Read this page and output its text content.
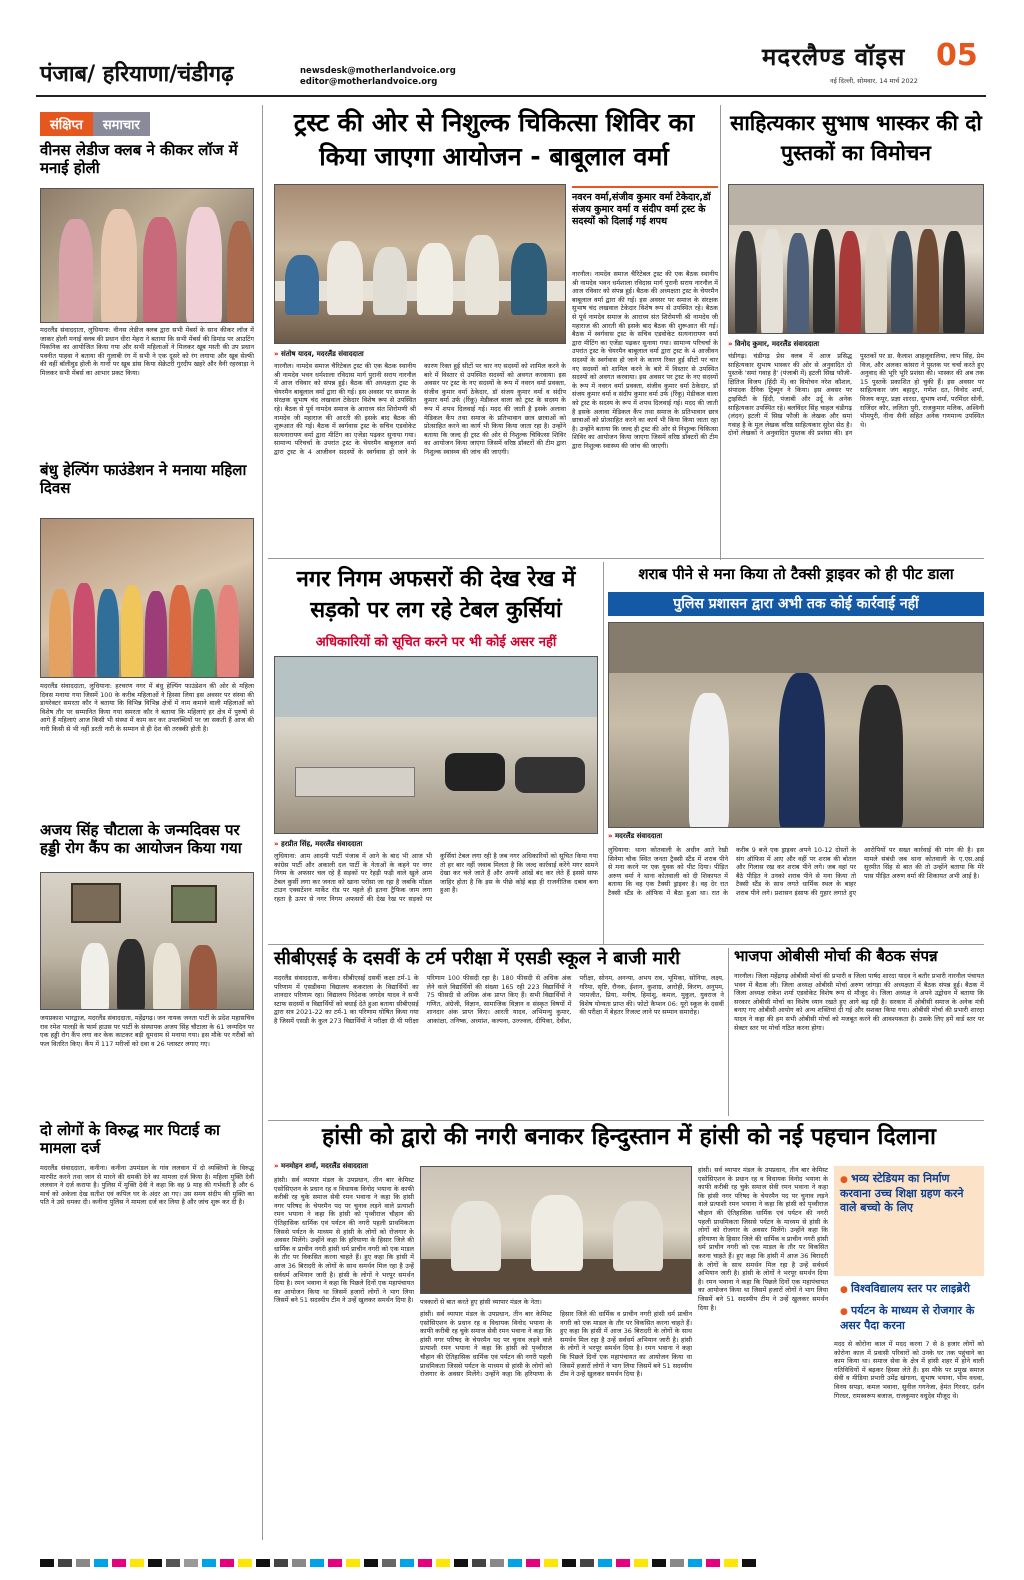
पंजाब/ हरियाणा/चंडीगढ़	newsdesk@motherlandvoice.org
editor@motherlandvoice.org
मदरलैण्ड वॉइस 05
नई दिल्ली, सोमवार, 14 मार्च 2022
संक्षिप्त समाचार
वीनस लेडीज क्लब ने कीकर लॉज में मनाई होली
मदरलैंड संवाददाता, लुधियाना: वीनस लेडीज क्लब द्वारा सभी मेंबर्स के साथ कीकर लॉज में जाकर होली मनाई क्लब की प्रधान धीरा मेहरा ने बताया कि सभी मेंबर्स की डिमांड पर आउटिंग पिकनिक का आयोजित किया गया और सभी महिलाओं ने मिलकर खूब मस्ती की उप प्रधान पवनीत पाहवा ने बताया की गुलाबी रंग में सभी ने एक दूसरे को रंग लगाया और खूब सेल्फी की वहीं बॉलीवुड होली के गानों पर खूब डांस किया सेक्रेटरी गुरदीप खहरे और वैनी रहरवाड़ा ने मिलकर सभी मेंबर्स का आभार प्रकट किया।
बंधु हेल्पिंग फाउंडेशन ने मनाया महिला दिवस
मदरलैंड संवाददाता, लुधियाना: हरचरण नगर में बंधु हेल्पिंग फाउंडेशन की ओर से महिला दिवस मनाया गया जिसमें 100 के करीब महिलाओं ने हिस्सा लिया इस अवसर पर संस्था की डायरेक्टर समरता कौर ने बताया कि विभिन्न विभिन्न क्षेत्रों में नाम कमाने वाली महिलाओं को विशेष तौर पर सम्मानित किया गया समरता कौर ने बताया कि महिलाएं हर क्षेत्र में पुरुषों से आगे हैं महिलाएं आज किसी भी संस्था में काम कर कर उपलब्धियों पर जा सकती हैं आज की नारी किसी से भी नहीं डरती नारी के सम्मान से ही देश की तरक्की होती है।
अजय सिंह चौटाला के जन्मदिवस पर हड्डी रोग कैंप का आयोजन किया गया
जयप्रकाश भारद्वाज, मदरलैंड संवाददाता, महेंद्रगढ़। जन नायक जनता पार्टी के प्रदेश महासचिव राव रमेश पालड़ी के फार्म हाउस पर पार्टी के संस्थापक अजय सिंह चौटाला के 61 जन्मदिन पर एक हड्डी रोग कैंप लगा कर केक काटकर बड़ी धूमधाम से मनाया गया। इस मौके पर गरीबों को फल वितरित किए। कैंप में 117 मरीजों को दवा व 26 प्लास्टर लगाए गए।
दो लोगों के विरुद्ध मार पिटाई का मामला दर्ज
मदरलैंड संवाददाता, कनीना। कनीना उपमंडल के गांव ललवान में दो व्यक्तियों के विरुद्ध मारपीट करने तथा जान से मारने की धमकी देने का मामला दर्ज किया है। महिला मुक्ति देवी ललवान ने दर्ज कराया है। पुलिस में मुक्ति देवी ने कहा कि वह 9 माह की गर्भवती है और 6 मार्च को अकेला देख सतीश एवं कपिल घर के अंदर आ गए। उस समय संदीप की मुक्ति का पति ने उसे धमका दी। कनीना पुलिस ने मामला दर्ज कर लिया है और जांच शुरू कर दी है।
ट्रस्ट की ओर से निशुल्क चिकित्सा शिविर का किया जाएगा आयोजन - बाबूलाल वर्मा
नवरन वर्मा,संजीव कुमार वर्मा टेकेदार,डॉ संजय कुमार वर्मा व संदीप वर्मा ट्रस्ट के सदस्यों को दिलाई गई शपथ
नारनौल। नामदेव समाज चैरिटेबल ट्रस्ट की एक बैठक स्थानीय श्री नामदेव भवन धर्मशाला रविदास मार्ग पुरानी सराय नारनौल में आज रविवार को संपन्न हुई। बैठक की अध्यक्षता ट्रस्ट के चेयरमैन बाबूलाल वर्मा द्वारा की गई। इस अवसर पर समाज के संरक्षक सुभाष चंद लखवाल टेकेदार विशेष रूप से उपस्थित रहे। बैठक से पूर्व नामदेव समाज के आराध्य संत शिरोमणी श्री नामदेव जी महाराज की आरती की इसके बाद बैठक की शुरूआत की गई। बैठक में स्वर्गवास ट्रस्ट के सचिव एडवोकेट सत्यनारायण वर्मा द्वारा मीटिंग का एजेंडा पढ़कर सुनाया गया। सामान्य परिचर्चा के उपरांत ट्रस्ट के चेयरमैन बाबूलाल वर्मा द्वारा ट्रस्ट के 4 आजीवन सदस्यों के स्वर्गवास हो जाने के कारण रिक्त हुई सीटों पर चार नए सदस्यों को शामिल करने के बारे में विस्तार से उपस्थित सदस्यों को अवगत करवाया। इस अवसर पर ट्रस्ट के नए सदस्यों के रूप में नवरन वर्मा प्रवक्ता, संजीव कुमार वर्मा ठेकेदार, डॉ संजय कुमार वर्मा व संदीप कुमार वर्मा उर्फ (रिंकू) मेडीकल वाला को ट्रस्ट के सदस्य के रूप में शपथ दिलवाई गई। मदद की जाती है इसके अलावा मेडिकल कैंप तथा समाज के प्रतिभावान छात्र छात्राओं को प्रोत्साहित करने का कार्य भी किया किया जाता रहा है। उन्होंने बताया कि जल्द ही ट्रस्ट की ओर से निशुल्क चिकित्सा शिविर का आयोजन किया जाएगा जिसमें वरिष्ठ डॉक्टरों की टीम द्वारा निशुल्क स्वास्थ्य की जांच की जाएगी।
» संतोष यादव, मदरलैंड संवाददाता
नारनौल। नामदेव समाज चैरिटेबल ट्रस्ट की एक बैठक स्थानीय श्री नामदेव भवन धर्मशाला रविदास मार्ग पुरानी सराय नारनौल में आज रविवार को संपन्न हुई। बैठक की अध्यक्षता ट्रस्ट के चेयरमैन बाबूलाल वर्मा द्वारा की गई। इस अवसर पर समाज के संरक्षक सुभाष चंद लखवाल टेकेदार विशेष रूप से उपस्थित रहे। बैठक से पूर्व नामदेव समाज के आराध्य संत शिरोमणी श्री नामदेव जी महाराज की आरती की इसके बाद बैठक की शुरूआत की गई। बैठक में स्वर्गवास ट्रस्ट के सचिव एडवोकेट सत्यनारायण वर्मा द्वारा मीटिंग का एजेंडा पढ़कर सुनाया गया। सामान्य परिचर्चा के उपरांत ट्रस्ट के चेयरमैन बाबूलाल वर्मा द्वारा ट्रस्ट के 4 आजीवन सदस्यों के स्वर्गवास हो जाने के कारण रिक्त हुई सीटों पर चार नए सदस्यों को शामिल करने के बारे में विस्तार से उपस्थित सदस्यों को अवगत करवाया। इस अवसर पर ट्रस्ट के नए सदस्यों के रूप में नवरन वर्मा प्रवक्ता, संजीव कुमार वर्मा ठेकेदार, डॉ संजय कुमार वर्मा व संदीप कुमार वर्मा उर्फ (रिंकू) मेडीकल वाला को ट्रस्ट के सदस्य के रूप में शपथ दिलवाई गई। मदद की जाती है इसके अलावा मेडिकल कैंप तथा समाज के प्रतिभावान छात्र छात्राओं को प्रोत्साहित करने का कार्य भी किया किया जाता रहा है। उन्होंने बताया कि जल्द ही ट्रस्ट की ओर से निशुल्क चिकित्सा शिविर का आयोजन किया जाएगा जिसमें वरिष्ठ डॉक्टरों की टीम द्वारा निशुल्क स्वास्थ्य की जांच की जाएगी।
साहित्यकार सुभाष भास्कर की दो पुस्तकों का विमोचन
» विनोद कुमार, मदरलैंड संवाददाता
चंडीगढ़। चंडीगढ़ प्रेस क्लब में आज प्रसिद्ध साहित्यकार सुभाष भास्कर की ओर से अनुवादित दो पुस्तकें 'समां गवाह है' (पंजाबी में) इटली सिख फौजी- क्षितिज विजय (हिंदी में) का विमोचन नरेश कौशल, संपादक दैनिक ट्रिब्यून ने किया। इस अवसर पर ट्राइसिटी के हिंदी, पंजाबी और उर्दू के अनेक साहित्यकार उपस्थित रहे। बलविंदर सिंह चाहल चंडीगढ़ (लंदन) इटली में सिख फौजी के लेखक और समां गवाह है के मूल लेखक वरिष्ठ साहित्यकार सुरेश सेठ है। दोनों लेखकों ने अनुवादित पुस्तक की प्रशंसा की। इन पुस्तकों पर डा. कैलाश आहलूवालिया, लाभ सिंह, प्रेम विज, और अलका कांसरा ने पुस्तक पर चर्चा करते हुए अनुवाद की भूरि भूरि प्रशंसा की। भास्कर की अब तक 15 पुस्तकें प्रकाशित हो चुकी हैं। इस अवसर पर साहित्यकार जंग बहादुर, गणेश दत, विनोद शर्मा, विजय कपूर, प्रज्ञा शारदा, सुभाष शर्मा, परमिंदर सोनी, राजिंदर कौर, ललिता पुरी, राजकुमार मलिक, अश्विनी भीमपुरी, नीना सैनी सहित अनेक गणमान्य उपस्थित थे।
नगर निगम अफसरों की देख रेख में सड़को पर लग रहे टेबल कुर्सियां
अधिकारियों को सूचित करने पर भी कोई असर नहीं
» हरप्रीत सिंह, मदरलैंड संवाददाता
लुधियाना: आम आदमी पार्टी पंजाब में आने के बाद भी आज भी कांग्रेस पार्टी और अकाली दल पार्टी के नेताओं के कहने पर नगर निगम के अफसर चल रहे हैं सड़कों पर रेहड़ी फड़ी वाले खुले आम टेबल कुर्सी लगा कर जनता को खाना परोसा जा रहा है जबकि मॉडल टाउन एक्सटेंशन मार्केट रोड पर पहले ही इतना ट्रैफिक जाम लगा रहता है ऊपर से नगर निगम अफसरों की देख रेख पर सड़को पर कुर्सियां टेबल लगा रही है जब नगर अधिकारियों को सूचित किया गया तो हर बार नहीं जवाब मिलता है कि जल्द कार्रवाई करेंगे मगर सामने देखा कर चले जाते हैं और अपनी आंखें बंद कर लेते हैं इससे साफ जाहिर होता है कि इस के पीछे कोई बड़ा ही राजनीतिक दबाव बना हुआ है।
शराब पीने से मना किया तो टैक्सी ड्राइवर को ही पीट डाला
पुलिस प्रशासन द्वारा अभी तक कोई कार्रवाई नहीं
» मदरलैंड संवाददाता
लुधियाना: थाना कोतवाली के अधीन आते रेखी सिनेमा चौक स्थित जनता ट्रैक्सी स्टैंड में शराब पीने से मना करने पर एक युवक को पीट दिया। पीड़ित अरुण वर्मा ने थाना कोतवाली को दी शिकायत में बताया कि वह एक टैक्सी ड्राइवर है। वह देर रात टैक्सी स्टैंड के ऑफिस में बैठा हुआ था। रात के करीब 9 बजे एक ड्राइवर अपने 10-12 दोस्तों के संग ऑफिस में आए और वहीं पर शराब की बोतल और गिलास रख कर शराब पीने लगे। जब वहां पर बैठे पीड़ित ने उनको शराब पीने से मना किया तो टैक्सी स्टैंड के साथ लगते धार्मिक स्थल के बाहर शराब पीने लगे। प्रशासन इंसाफ की गुहार लगाते हुए आरोपियों पर सख्त कार्रवाई की मांग की है। इस मामले संबंधी जब थाना कोतवाली के ए.एस.आई सुरमीत सिंह से बात की तो उन्होंने बताया कि मेरे पास पीड़ित अरुण वर्मा की शिकायत अभी आई है।
सीबीएसई के दसवीं के टर्म परीक्षा में एसडी स्कूल ने बाजी मारी
मदरलैंड संवाददाता, कनीना। सीबीएसई दसवीं कक्षा टर्म-1 के परिणाम में एसडीवमा विद्यालय ककराला के विद्यार्थियों का शानदार परिणाम रहा। विद्यालय निदेशक जगदेव यादव ने सभी स्टाफ सदस्यों व विद्यार्थियों को बधाई देते हुआ बताया सीबीएसई द्वारा सत्र 2021-22 का टर्म-1 का परिणाम घोषित किया गया है जिसमें एसडी के कुल 273 विद्यार्थियों ने परीक्षा दी थी परीक्षा परिणाम 100 फीसदी रहा है। 180 फीसदी से अधिक अंक लेने वाले विद्यार्थियों की संख्या 165 रही 223 विद्यार्थियों ने 75 फीसदी से अधिक अंक प्राप्त किए हैं। सभी विद्यार्थियों ने गणित, अंग्रेजी, विज्ञान, सामाजिक विज्ञान व संस्कृत विषयों में शानदार अंक प्राप्त किए। आरती यादव, अभिमन्यु कुमार, आकांक्षा, तनिष्क, अध्यांश, कल्पना, उज्ज्वल, दीपिका, देवीश, परीक्षा, सोनम, अनन्या, अभय राव, भूमिका, सोनिया, लक्ष्य, गरिमा, सृष्टि, रौनक, ईशान, कुशाग्र, आरोही, किरण, अनुपम, परमजीत, प्रिया, मनीष, हिमांशु, कमल, मुकुल, युवराज ने विशेष योग्यता प्राप्त की। फोटो कैप्शन 06: यूरो स्कूल के दसवीं की परीक्षा में बेहतर रिजल्ट लाने पर सम्मान समारोह।
भाजपा ओबीसी मोर्चा की बैठक संपन्न
नारनौल। जिला महेंद्रगढ़ ओबीसी मोर्चा की प्रभारी व जिला पार्षद शारदा यादव ने बतौर प्रभारी नारनौल पंचायत भवन में बैठक ली। जिला अध्यक्ष ओबीसी मोर्चा अरुण जांगड़ा की अध्यक्षता में बैठक संपन्न हुई। बैठक में जिला अध्यक्ष राकेश शर्मा एडवोकेट विशेष रूप से मौजूद थे। जिला अध्यक्ष ने अपने उद्बोधन में बताया कि सरकार ओबीसी मोर्चा का विशेष ध्यान रखते हुए आगे बढ़ रही है। सरकार में ओबीसी समाज के अनेक मंत्री बनाए गए ओबीसी आयोग को अन्य शक्तियां दी गई और सशक्त किया गया। ओबीसी मोर्चा की प्रभारी शारदा यादव ने कहा की हम सभी ओबीसी मोर्चा को मजबूत करने की आवश्यकता है। उसके लिए हमें वार्ड स्तर पर सेक्टर स्तर पर मोर्चा गठित करना होगा।
हांसी को द्वारो की नगरी बनाकर हिन्दुस्तान में हांसी को नई पहचान दिलाना
» मनमोहन शर्मा, मदरलैंड संवाददाता
हांसी। सर्व व्यापार मंडल के उपप्रधान, तीन बार केमिस्ट एसोसिएशन के प्रधान रह व विधायक विनोद भयाना के काफी करीबी रह चुके समाज सेवी रमन भवाना ने कहा कि हांसी नगर परिषद के चेयरमैन पद पर चुनाव लड़ने वाले प्रत्याशी रमन भयाना ने कहा कि हांसी को पृथ्वीराज चौहान की ऐतिहासिक धार्मिक एवं पर्यटन की नगरी पहली प्राथमिकता जिससे पर्यटन के माध्यम से हांसी के लोगों को रोजगार के अवसर मिलेंगे। उन्होंने कहा कि हरियाणा के हिसार जिले की धार्मिक व प्राचीन नगरी हांसी धर्म प्राचीन नगरी को एक माडल के तौर पर विकसित करना चाहते हैं। हुए कहा कि हांसी में आज 36 बिरादरी के लोगों के साथ समर्थन मिल रहा है उन्हें सर्वधर्म अभियान जारी है। हांसी के लोगों ने भरपूर समर्थन दिया है। रमन भवाना ने कहा कि पिछले दिनों एक महापंचायत का आयोजन किया था जिसमें हजारों लोगों ने भाग लिया जिसमें बने 51 सदस्यीय टीम ने उन्हें खुलकर समर्थन दिया है। पत्रकारों से बात करते हुए हांसी व्यापार मंडल के नेता।
हांसी। सर्व व्यापार मंडल के उपप्रधान, तीन बार केमिस्ट एसोसिएशन के प्रधान रह व विधायक विनोद भयाना के काफी करीबी रह चुके समाज सेवी रमन भवाना ने कहा कि हांसी नगर परिषद के चेयरमैन पद पर चुनाव लड़ने वाले प्रत्याशी रमन भयाना ने कहा कि हांसी को पृथ्वीराज चौहान की ऐतिहासिक धार्मिक एवं पर्यटन की नगरी पहली प्राथमिकता जिससे पर्यटन के माध्यम से हांसी के लोगों को रोजगार के अवसर मिलेंगे। उन्होंने कहा कि हरियाणा के हिसार जिले की धार्मिक व प्राचीन नगरी हांसी धर्म प्राचीन नगरी को एक माडल के तौर पर विकसित करना चाहते हैं। हुए कहा कि हांसी में आज 36 बिरादरी के लोगों के साथ समर्थन मिल रहा है उन्हें सर्वधर्म अभियान जारी है। हांसी के लोगों ने भरपूर समर्थन दिया है। रमन भवाना ने कहा कि पिछले दिनों एक महापंचायत का आयोजन किया था जिसमें हजारों लोगों ने भाग लिया जिसमें बने 51 सदस्यीय टीम ने उन्हें खुलकर समर्थन दिया है।
हांसी। सर्व व्यापार मंडल के उपप्रधान, तीन बार केमिस्ट एसोसिएशन के प्रधान रह व विधायक विनोद भयाना के काफी करीबी रह चुके समाज सेवी रमन भवाना ने कहा कि हांसी नगर परिषद के चेयरमैन पद पर चुनाव लड़ने वाले प्रत्याशी रमन भयाना ने कहा कि हांसी को पृथ्वीराज चौहान की ऐतिहासिक धार्मिक एवं पर्यटन की नगरी पहली प्राथमिकता जिससे पर्यटन के माध्यम से हांसी के लोगों को रोजगार के अवसर मिलेंगे। उन्होंने कहा कि हरियाणा के हिसार जिले की धार्मिक व प्राचीन नगरी हांसी धर्म प्राचीन नगरी को एक माडल के तौर पर विकसित करना चाहते हैं। हुए कहा कि हांसी में आज 36 बिरादरी के लोगों के साथ समर्थन मिल रहा है उन्हें सर्वधर्म अभियान जारी है। हांसी के लोगों ने भरपूर समर्थन दिया है। रमन भवाना ने कहा कि पिछले दिनों एक महापंचायत का आयोजन किया था जिसमें हजारों लोगों ने भाग लिया जिसमें बने 51 सदस्यीय टीम ने उन्हें खुलकर समर्थन दिया है।
● भव्य स्टेडियम का निर्माण करवाना उच्च शिक्षा ग्रहण करने वाले बच्चो के लिए
● विश्वविद्यालय स्तर पर लाइब्रेरी
● पर्यटन के माध्यम से रोजगार के असर पैदा करना
मदद से कोरोना काल में मदद करना 7 से 8 हजार लोगों को कोरोना काल में प्रवासी परिवारों को उनके घर तक पहुंचाने का काम किया था। समाज सेवा के क्षेत्र में हांसी शहर में होने वाली गतिविधियों में बढ़कर हिस्सा लेते हैं। इस मौके पर प्रमुख समाज सेवी व मीडिया प्रभारी उमेंद्र खंगाना, सुभाष भयाना, भीम वधवा, विनय सपड़ा, कमल भवाना, सुनील गगनेजा, हेमंत गिरधर, दर्शन गिरधर, रामस्वरूप बजाज, राजकुमार वधुदेव मौजूद थे।
